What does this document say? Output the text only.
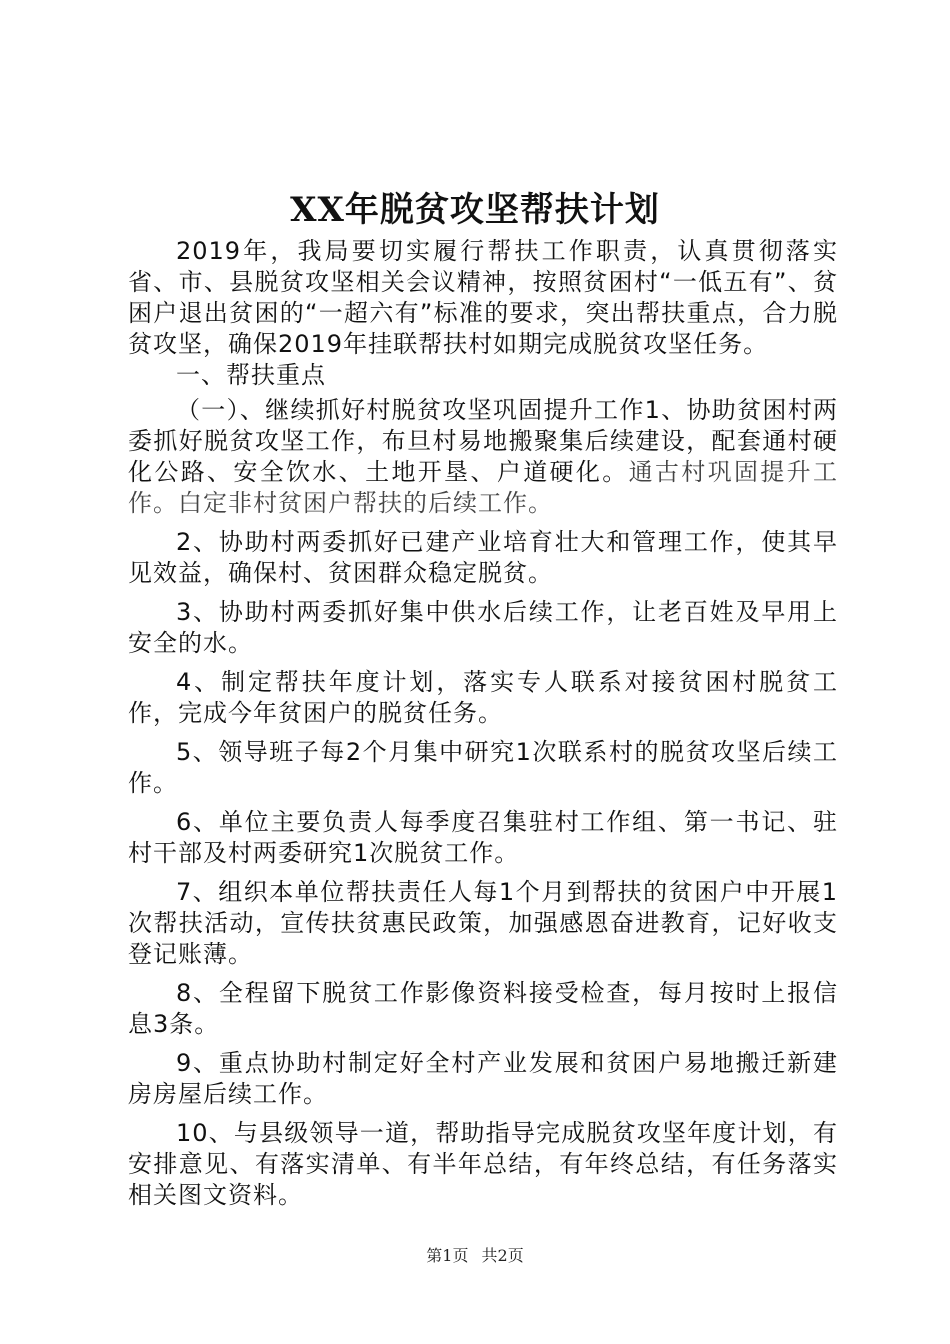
XX年脱贫攻坚帮扶计划

2019年，我局要切实履行帮扶工作职责，认真贯彻落实省、市、县脱贫攻坚相关会议精神，按照贫困村“一低五有”、贫困户退出贫困的“一超六有”标准的要求，突出帮扶重点，合力脱贫攻坚，确保2019年挂联帮扶村如期完成脱贫攻坚任务。

一、帮扶重点

（一）、继续抓好村脱贫攻坚巩固提升工作1、协助贫困村两委抓好脱贫攻坚工作，布旦村易地搬聚集后续建设，配套通村硬化公路、安全饮水、土地开垦、户道硬化。通古村巩固提升工作。白定非村贫困户帮扶的后续工作。

2、协助村两委抓好已建产业培育壮大和管理工作，使其早见效益，确保村、贫困群众稳定脱贫。

3、协助村两委抓好集中供水后续工作，让老百姓及早用上安全的水。

4、制定帮扶年度计划，落实专人联系对接贫困村脱贫工作，完成今年贫困户的脱贫任务。

5、领导班子每2个月集中研究1次联系村的脱贫攻坚后续工作。

6、单位主要负责人每季度召集驻村工作组、第一书记、驻村干部及村两委研究1次脱贫工作。

7、组织本单位帮扶责任人每1个月到帮扶的贫困户中开展1次帮扶活动，宣传扶贫惠民政策，加强感恩奋进教育，记好收支登记账薄。

8、全程留下脱贫工作影像资料接受检查，每月按时上报信息3条。

9、重点协助村制定好全村产业发展和贫困户易地搬迁新建房房屋后续工作。

10、与县级领导一道，帮助指导完成脱贫攻坚年度计划，有安排意见、有落实清单、有半年总结，有年终总结，有任务落实相关图文资料。

第1页 共2页
